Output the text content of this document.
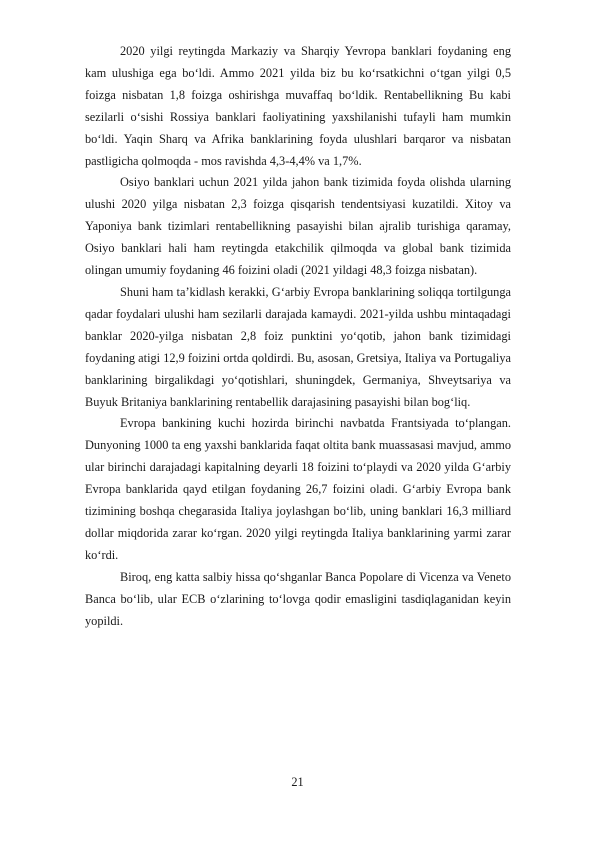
2020 yilgi reytingda Markaziy va Sharqiy Yevropa banklari foydaning eng kam ulushiga ega bo‘ldi. Ammo 2021 yilda biz bu ko‘rsatkichni o‘tgan yilgi 0,5 foizga nisbatan 1,8 foizga oshirishga muvaffaq bo‘ldik. Rentabellikning Bu kabi sezilarli o‘sishi Rossiya banklari faoliyatining yaxshilanishi tufayli ham mumkin bo‘ldi. Yaqin Sharq va Afrika banklarining foyda ulushlari barqaror va nisbatan pastligicha qolmoqda - mos ravishda 4,3-4,4% va 1,7%.

Osiyo banklari uchun 2021 yilda jahon bank tizimida foyda olishda ularning ulushi 2020 yilga nisbatan 2,3 foizga qisqarish tendentsiyasi kuzatildi. Xitoy va Yaponiya bank tizimlari rentabellikning pasayishi bilan ajralib turishiga qaramay, Osiyo banklari hali ham reytingda etakchilik qilmoqda va global bank tizimida olingan umumiy foydaning 46 foizini oladi (2021 yildagi 48,3 foizga nisbatan).

Shuni ham ta’kidlash kerakki, G‘arbiy Evropa banklarining soliqqa tortilgunga qadar foydalari ulushi ham sezilarli darajada kamaydi. 2021-yilda ushbu mintaqadagi banklar 2020-yilga nisbatan 2,8 foiz punktini yo‘qotib, jahon bank tizimidagi foydaning atigi 12,9 foizini ortda qoldirdi. Bu, asosan, Gretsiya, Italiya va Portugaliya banklarining birgalikdagi yo‘qotishlari, shuningdek, Germaniya, Shveytsariya va Buyuk Britaniya banklarining rentabellik darajasining pasayishi bilan bog‘liq.

Evropa bankining kuchi hozirda birinchi navbatda Frantsiyada to‘plangan. Dunyoning 1000 ta eng yaxshi banklarida faqat oltita bank muassasasi mavjud, ammo ular birinchi darajadagi kapitalning deyarli 18 foizini to‘playdi va 2020 yilda G‘arbiy Evropa banklarida qayd etilgan foydaning 26,7 foizini oladi. G‘arbiy Evropa bank tizimining boshqa chegarasida Italiya joylashgan bo‘lib, uning banklari 16,3 milliard dollar miqdorida zarar ko‘rgan. 2020 yilgi reytingda Italiya banklarining yarmi zarar ko‘rdi.

Biroq, eng katta salbiy hissa qo‘shganlar Banca Popolare di Vicenza va Veneto Banca bo‘lib, ular ECB o‘zlarining to‘lovga qodir emasligini tasdiqlaganidan keyin yopildi.

21
